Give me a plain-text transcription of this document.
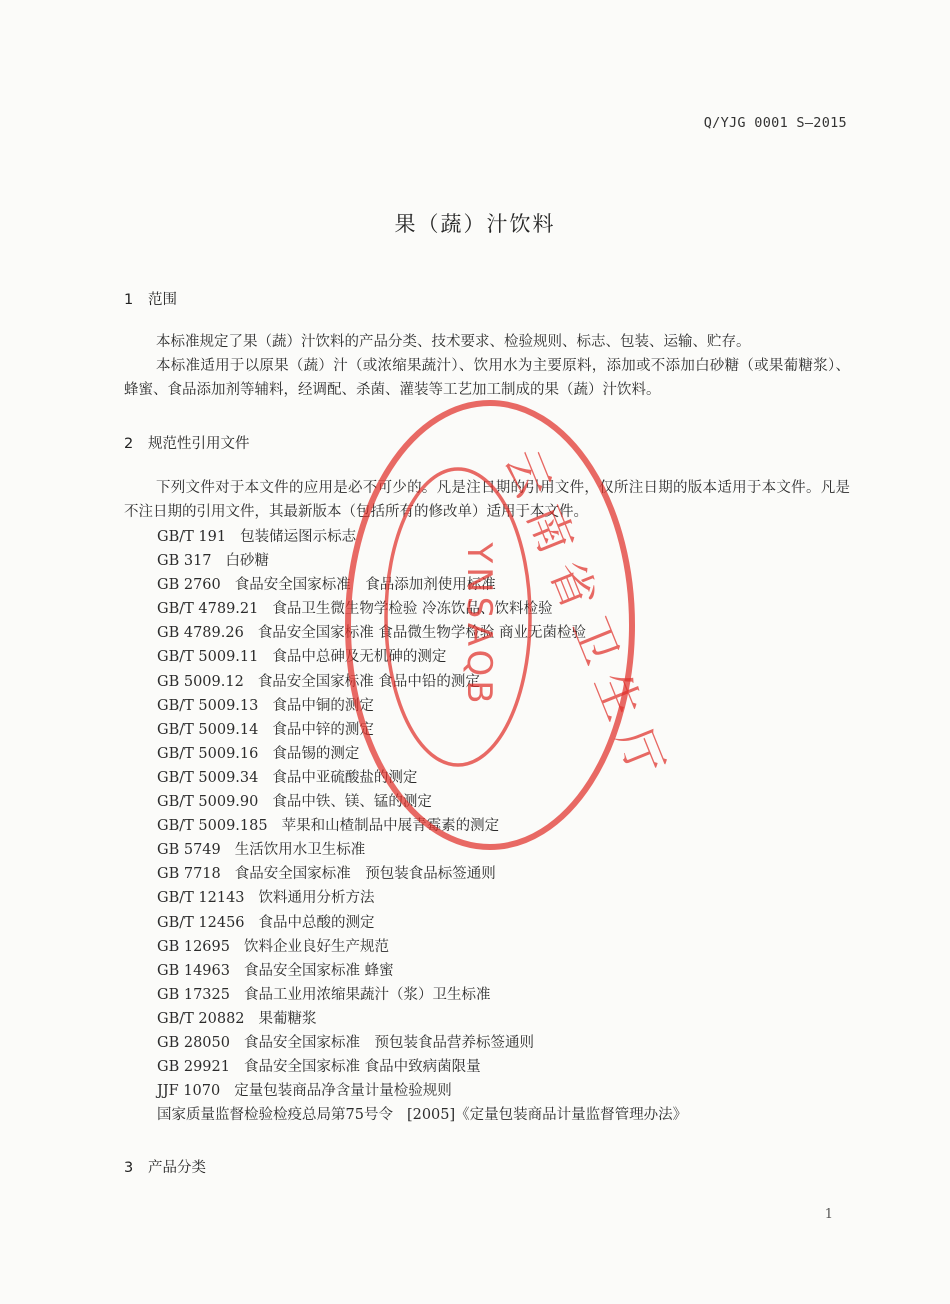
Q/YJG 0001 S—2015
果（蔬）汁饮料
1 范围
本标准规定了果（蔬）汁饮料的产品分类、技术要求、检验规则、标志、包装、运输、贮存。
本标准适用于以原果（蔬）汁（或浓缩果蔬汁）、饮用水为主要原料，添加或不添加白砂糖（或果葡糖浆）、蜂蜜、食品添加剂等辅料，经调配、杀菌、灌装等工艺加工制成的果（蔬）汁饮料。
2 规范性引用文件
下列文件对于本文件的应用是必不可少的。凡是注日期的引用文件，仅所注日期的版本适用于本文件。凡是不注日期的引用文件，其最新版本（包括所有的修改单）适用于本文件。
GB/T 191 包装储运图示标志
GB 317 白砂糖
GB 2760 食品安全国家标准　食品添加剂使用标准
GB/T 4789.21 食品卫生微生物学检验 冷冻饮品、饮料检验
GB 4789.26 食品安全国家标准 食品微生物学检验 商业无菌检验
GB/T 5009.11 食品中总砷及无机砷的测定
GB 5009.12 食品安全国家标准 食品中铅的测定
GB/T 5009.13 食品中铜的测定
GB/T 5009.14 食品中锌的测定
GB/T 5009.16 食品锡的测定
GB/T 5009.34 食品中亚硫酸盐的测定
GB/T 5009.90 食品中铁、镁、锰的测定
GB/T 5009.185 苹果和山楂制品中展青霉素的测定
GB 5749 生活饮用水卫生标准
GB 7718 食品安全国家标准　预包装食品标签通则
GB/T 12143 饮料通用分析方法
GB/T 12456 食品中总酸的测定
GB 12695 饮料企业良好生产规范
GB 14963 食品安全国家标准 蜂蜜
GB 17325 食品工业用浓缩果蔬汁（浆）卫生标准
GB/T 20882 果葡糖浆
GB 28050 食品安全国家标准　预包装食品营养标签通则
GB 29921 食品安全国家标准 食品中致病菌限量
JJF 1070 定量包装商品净含量计量检验规则
国家质量监督检验检疫总局第75号令 [2005]《定量包装商品计量监督管理办法》
3 产品分类
1
云南省卫生厅
YNSAQB
